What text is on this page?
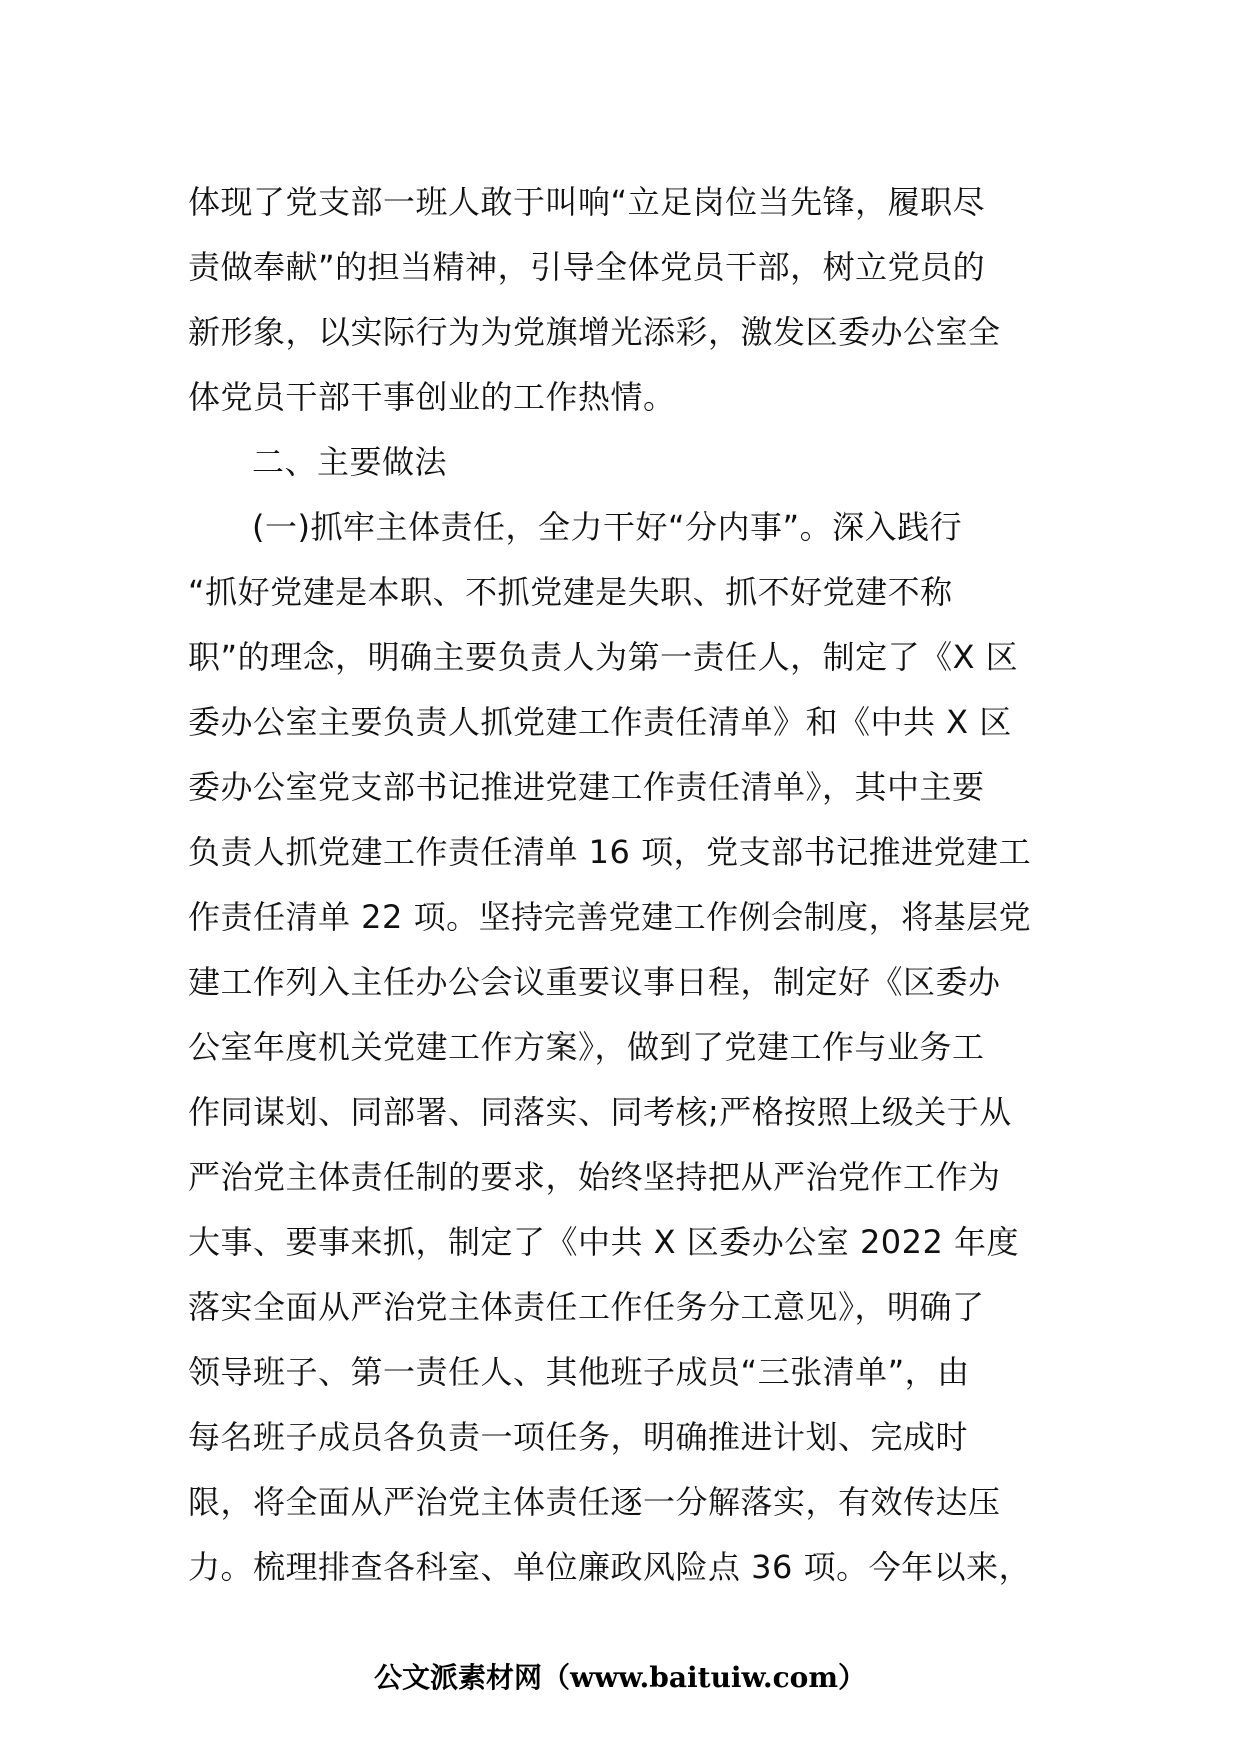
体现了党支部一班人敢于叫响“立足岗位当先锋，履职尽
责做奉献”的担当精神，引导全体党员干部，树立党员的
新形象，以实际行为为党旗增光添彩，激发区委办公室全
体党员干部干事创业的工作热情。
二、主要做法
(一)抓牢主体责任，全力干好“分内事”。深入践行
“抓好党建是本职、不抓党建是失职、抓不好党建不称
职”的理念，明确主要负责人为第一责任人，制定了《X 区
委办公室主要负责人抓党建工作责任清单》和《中共 X 区
委办公室党支部书记推进党建工作责任清单》，其中主要
负责人抓党建工作责任清单 16 项，党支部书记推进党建工
作责任清单 22 项。坚持完善党建工作例会制度，将基层党
建工作列入主任办公会议重要议事日程，制定好《区委办
公室年度机关党建工作方案》，做到了党建工作与业务工
作同谋划、同部署、同落实、同考核;严格按照上级关于从
严治党主体责任制的要求，始终坚持把从严治党作工作为
大事、要事来抓，制定了《中共 X 区委办公室 2022 年度
落实全面从严治党主体责任工作任务分工意见》，明确了
领导班子、第一责任人、其他班子成员“三张清单”，由
每名班子成员各负责一项任务，明确推进计划、完成时
限，将全面从严治党主体责任逐一分解落实，有效传达压
力。梳理排查各科室、单位廉政风险点 36 项。今年以来，
公文派素材网（www.baituiw.com）
